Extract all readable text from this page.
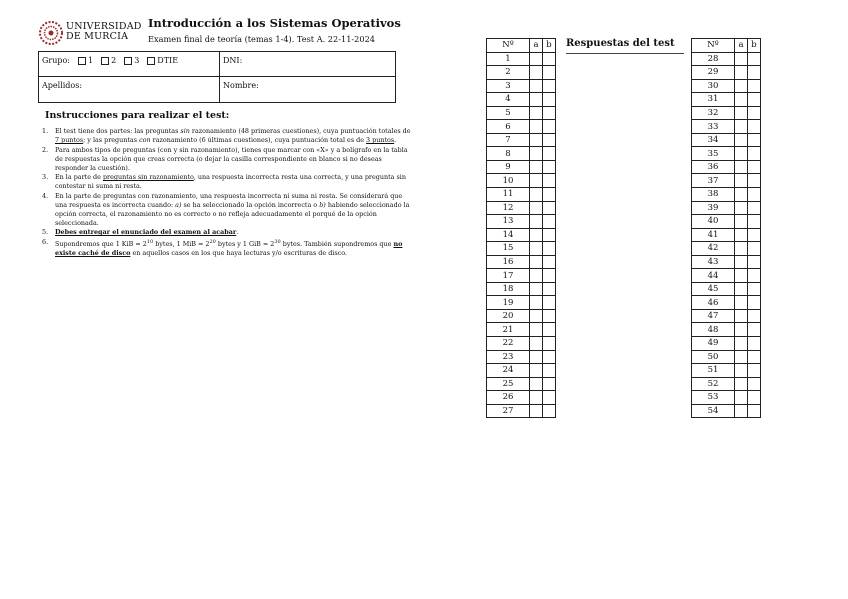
UNIVERSIDAD
DE MURCIA
Introducción a los Sistemas Operativos
Examen final de teoría (temas 1-4). Test A. 22-11-2024
Grupo: 1 2 3 DTIE	DNI:
Apellidos:	Nombre:
Instrucciones para realizar el test:
1. El test tiene dos partes: las preguntas sin razonamiento (48 primeras cuestiones), cuya puntuación totales de 7 puntos; y las preguntas con razonamiento (6 últimas cuestiones), cuya puntuación total es de 3 puntos.
2. Para ambos tipos de preguntas (con y sin razonamiento), tienes que marcar con «X» y a bolígrafo en la tabla de respuestas la opción que creas correcta (o dejar la casilla correspondiente en blanco si no deseas responder la cuestión).
3. En la parte de preguntas sin razonamiento, una respuesta incorrecta resta una correcta, y una pregunta sin contestar ni suma ni resta.
4. En la parte de preguntas con razonamiento, una respuesta incorrecta ni suma ni resta. Se considerará que una respuesta es incorrecta cuando: a) se ha seleccionado la opción incorrecta o b) habiendo seleccionado la opción correcta, el razonamiento no es correcto o no refleja adecuadamente el porqué de la opción seleccionada.
5. Debes entregar el enunciado del examen al acabar.
6. Supondremos que 1 KiB = $2^{10}$ bytes, 1 MiB = $2^{20}$ bytes y 1 GiB = $2^{30}$ bytes. También supondremos que no existe caché de disco en aquellos casos en los que haya lecturas y/o escrituras de disco.
Respuestas del test
Nº	a	b
1		
2		
3		
4		
5		
6		
7		
8		
9		
10		
11		
12		
13		
14		
15		
16		
17		
18		
19		
20		
21		
22		
23		
24		
25		
26		
27		
Nº	a	b
28		
29		
30		
31		
32		
33		
34		
35		
36		
37		
38		
39		
40		
41		
42		
43		
44		
45		
46		
47		
48		
49		
50		
51		
52		
53		
54		
